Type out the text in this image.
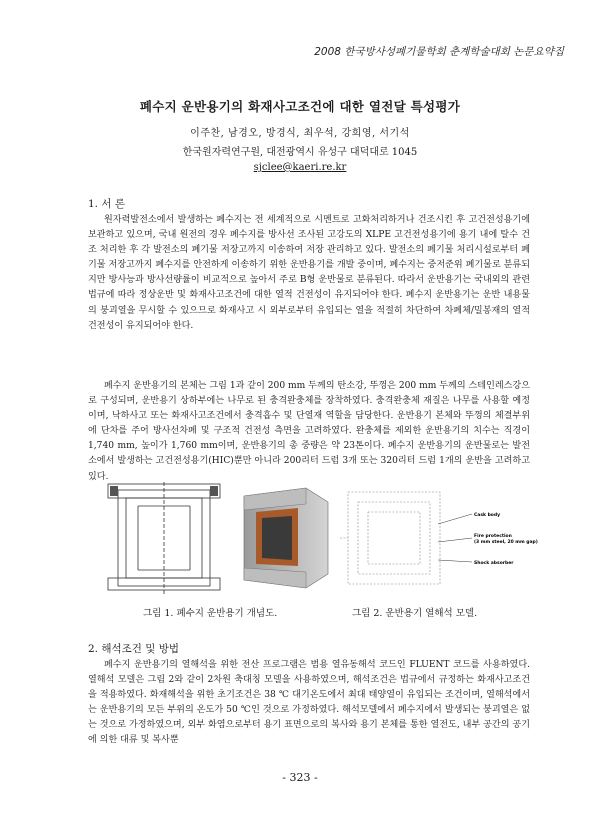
2008 한국방사성폐기물학회 춘계학술대회 논문요약집
폐수지 운반용기의 화재사고조건에 대한 열전달 특성평가
이주찬, 남경오, 방경식, 최우석, 강희영, 서기석
한국원자력연구원, 대전광역시 유성구 대덕대로 1045
sjclee@kaeri.re.kr
1. 서 론

원자력발전소에서 발생하는 폐수지는 전 세계적으로 시멘트로 고화처리하거나 건조시킨 후 고건전성용기에 보관하고 있으며, 국내 원전의 경우 폐수지를 방사선 조사된 고강도의 XLPE 고건전성용기에 용기 내에 탈수 건조 처리한 후 각 발전소의 폐기물 저장고까지 이송하여 저장 관리하고 있다. 발전소의 폐기물 처리시설로부터 폐기물 저장고까지 폐수지를 안전하게 이송하기 위한 운반용기를 개발 중이며, 폐수지는 중저준위 폐기물로 분류되지만 방사능과 방사선량률이 비교적으로 높아서 주로 B형 운반물로 분류된다. 따라서 운반용기는 국내외의 관련법규에 따라 정상운반 및 화재사고조건에 대한 열적 건전성이 유지되어야 한다. 폐수지 운반용기는 운반 내용물의 붕괴열을 무시할 수 있으므로 화재사고 시 외부로부터 유입되는 열을 적절히 차단하여 차폐체/밀봉재의 열적 건전성이 유지되어야 한다.

폐수지 운반용기의 본체는 그림 1과 같이 200 mm 두께의 탄소강, 뚜껑은 200 mm 두께의 스테인레스강으로 구성되며, 운반용기 상하부에는 나무로 된 충격완충체를 장착하였다. 충격완충체 재질은 나무를 사용할 예정이며, 낙하사고 또는 화재사고조건에서 충격흡수 및 단열재 역할을 담당한다. 운반용기 본체와 뚜껑의 체결부위에 단차를 주어 방사선차폐 및 구조적 건전성 측면을 고려하였다. 완충체를 제외한 운반용기의 치수는 직경이 1,740 mm, 높이가 1,760 mm이며, 운반용기의 총 중량은 약 23톤이다. 폐수지 운반용기의 운반물로는 발전소에서 발생하는 고건전성용기(HIC)뿐만 아니라 200리터 드럼 3개 또는 320리터 드럼 1개의 운반을 고려하고 있다.

Cask body
Fire protection
(3 mm steel, 20 mm gap)
Shock absorber
그림 1. 폐수지 운반용기 개념도.	그림 2. 운반용기 열해석 모델.
2. 해석조건 및 방법

폐수지 운반용기의 열해석을 위한 전산 프로그램은 범용 열유동해석 코드인 FLUENT 코드를 사용하였다. 열해석 모델은 그림 2와 같이 2차원 축대칭 모델을 사용하였으며, 해석조건은 법규에서 규정하는 화재사고조건을 적용하였다. 화재해석을 위한 초기조건은 38 ℃ 대기온도에서 최대 태양열이 유입되는 조건이며, 열해석에서는 운반용기의 모든 부위의 온도가 50 ℃인 것으로 가정하였다. 해석모델에서 폐수지에서 발생되는 붕괴열은 없는 것으로 가정하였으며, 외부 화염으로부터 용기 표면으로의 복사와 용기 본체를 통한 열전도, 내부 공간의 공기에 의한 대류 및 복사뿐

- 323 -
